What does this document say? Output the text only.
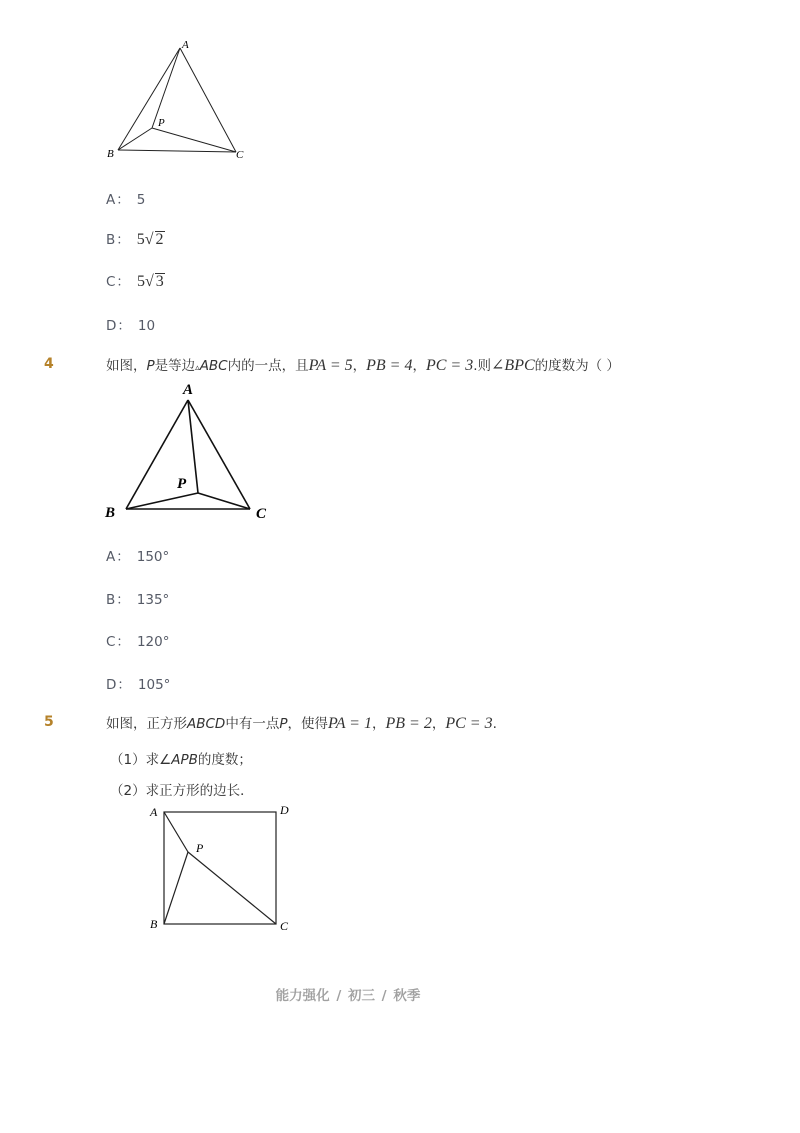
A
B	C
P
A： 5
B： 5√ 2
C： 5√ 3
D： 10
4	如图，P是等边▵ABC内的一点，且PA = 5，PB = 4，PC = 3.则∠BPC的度数为（ ）
A
B	C
P
A： 150°
B： 135°
C： 120°
D： 105°
5	如图，正方形ABCD中有一点P，使得PA = 1，PB = 2，PC = 3.
（1）求∠APB的度数；
（2）求正方形的边长．
A	D
B	C
P
能力强化 / 初三 / 秋季
